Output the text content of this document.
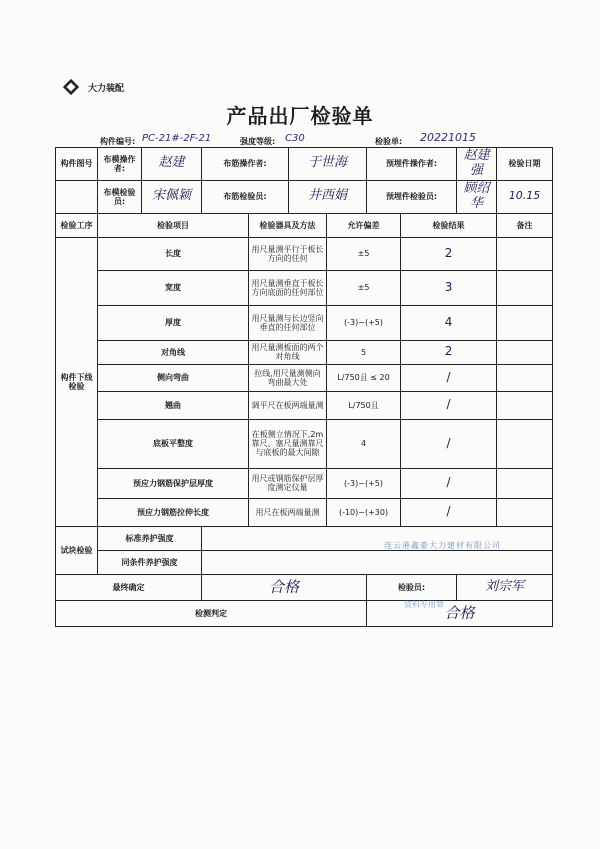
大力装配
产品出厂检验单
构件编号: PC-21#-2F-21	强度等级: C30	检验单: 20221015
构件图号	布模操作者:	赵建	布筋操作者:		于世海		预埋件操作者:		赵建强	检验日期
	布模检验员:	宋佩颖	布筋检验员:		井西娟		预埋件检验员:		顾绍华	10.15
检验工序	检验项目			检验器具及方法		允许偏差		检验结果		备注
构件下线检验	长度			用尺量测平行于板长方向的任何		±5		2		
	宽度			用尺量测垂直于板长方向底面的任何部位		±5		3		
	厚度			用尺量测与长边竖向垂直的任何部位		(-3)~(+5)		4		
	对角线			用尺量测板面的两个对角线		5		2		
	侧向弯曲			拉线,用尺量测侧向弯曲最大处		L/750且 ≤ 20		/		
	翘曲			调平尺在板两端量测		L/750且		/		
	底板平整度			在板侧立情况下,2m靠尺、塞尺量测靠尺与底板的最大间隙		4		/		
	预应力钢筋保护层厚度			用尺或钢筋保护层厚度测定仪量		(-3)~(+5)		/		
	预应力钢筋拉伸长度			用尺在板两端量测		(-10)~(+30)		/		
试块检验	标准养护强度									
	同条件养护强度									
最终确定			合格				检验员:		刘宗军	
检测判定							合格			
连云港鑫豪大力建材有限公司
资料专用章
